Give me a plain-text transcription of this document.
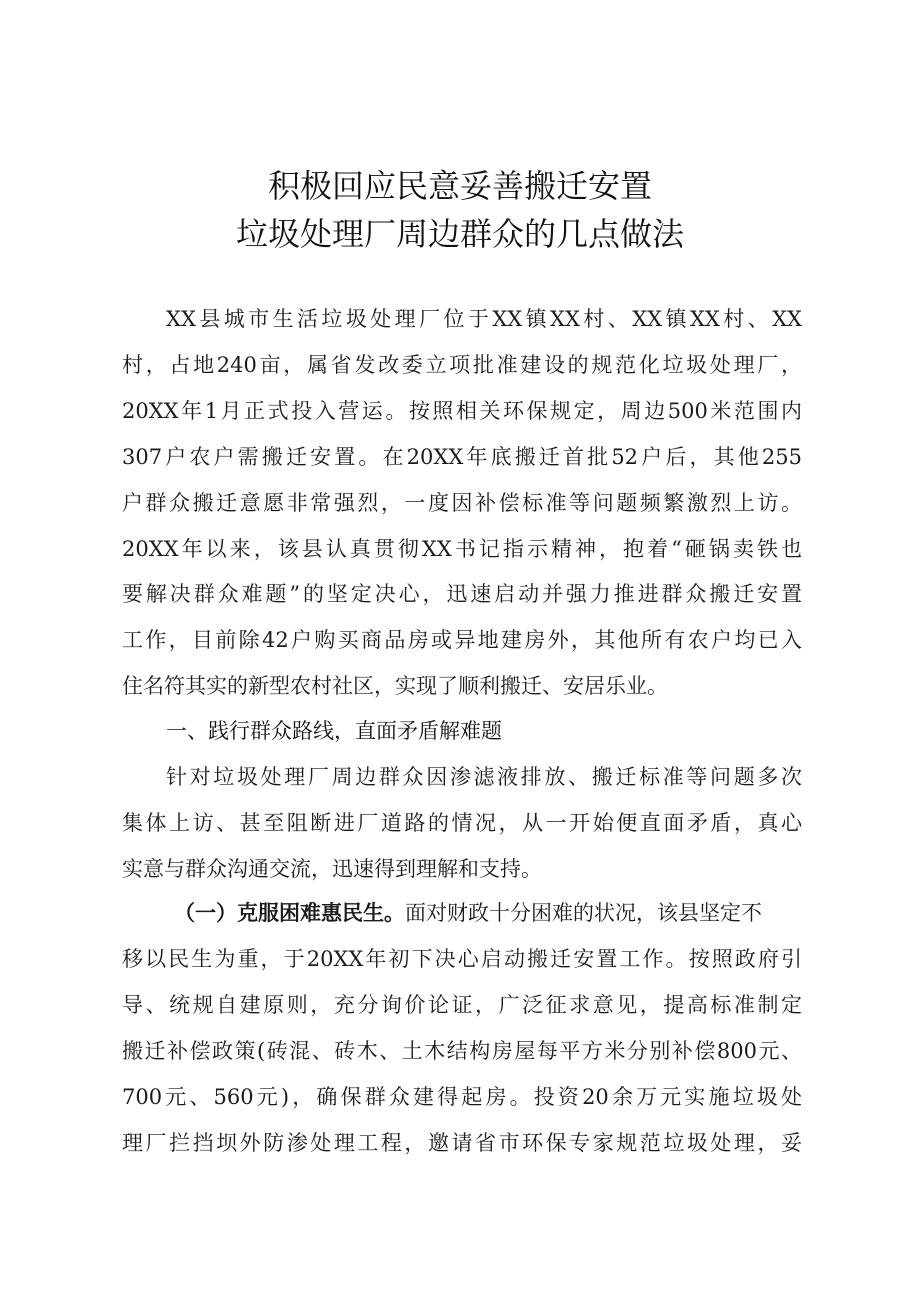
积极回应民意妥善搬迁安置
垃圾处理厂周边群众的几点做法
XX县城市生活垃圾处理厂位于XX镇XX村、XX镇XX村、XX
村，占地240亩，属省发改委立项批准建设的规范化垃圾处理厂，
20XX年1月正式投入营运。按照相关环保规定，周边500米范围内
307户农户需搬迁安置。在20XX年底搬迁首批52户后，其他255
户群众搬迁意愿非常强烈，一度因补偿标准等问题频繁激烈上访。
20XX年以来，该县认真贯彻XX书记指示精神，抱着“砸锅卖铁也
要解决群众难题”的坚定决心，迅速启动并强力推进群众搬迁安置
工作，目前除42户购买商品房或异地建房外，其他所有农户均已入
住名符其实的新型农村社区，实现了顺利搬迁、安居乐业。
一、践行群众路线，直面矛盾解难题
针对垃圾处理厂周边群众因渗滤液排放、搬迁标准等问题多次
集体上访、甚至阻断进厂道路的情况，从一开始便直面矛盾，真心
实意与群众沟通交流，迅速得到理解和支持。
（一）克服困难惠民生。面对财政十分困难的状况，该县坚定不
移以民生为重，于20XX年初下决心启动搬迁安置工作。按照政府引
导、统规自建原则，充分询价论证，广泛征求意见，提高标准制定
搬迁补偿政策(砖混、砖木、土木结构房屋每平方米分别补偿800元、
700元、560元)，确保群众建得起房。投资20余万元实施垃圾处
理厂拦挡坝外防渗处理工程，邀请省市环保专家规范垃圾处理，妥
